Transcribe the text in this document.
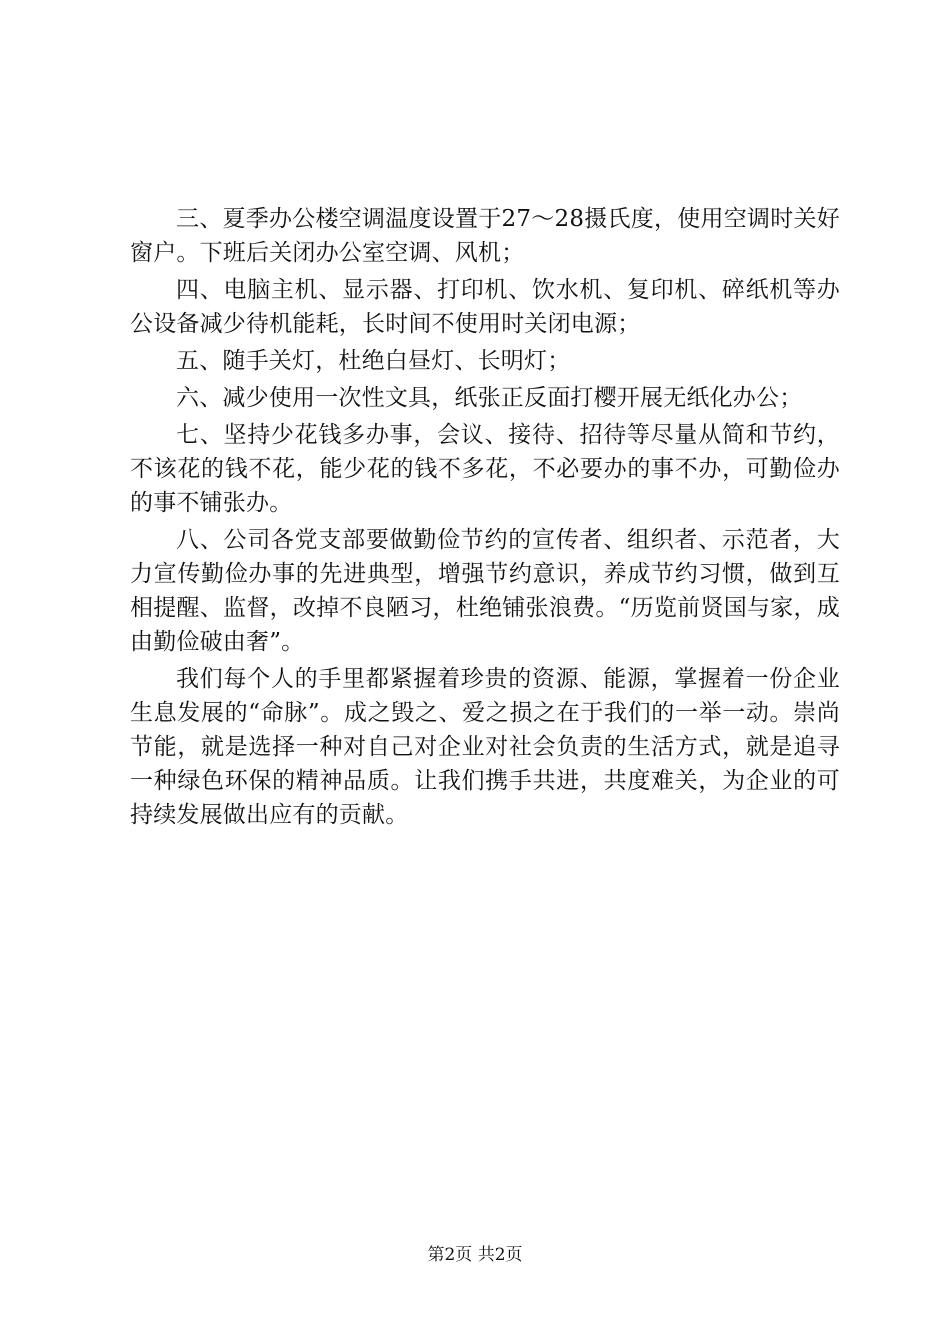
三、夏季办公楼空调温度设置于27～28摄氏度，使用空调时关好窗户。下班后关闭办公室空调、风机；

四、电脑主机、显示器、打印机、饮水机、复印机、碎纸机等办公设备减少待机能耗，长时间不使用时关闭电源；

五、随手关灯，杜绝白昼灯、长明灯；

六、减少使用一次性文具，纸张正反面打樱开展无纸化办公；

七、坚持少花钱多办事，会议、接待、招待等尽量从简和节约，不该花的钱不花，能少花的钱不多花，不必要办的事不办，可勤俭办的事不铺张办。

八、公司各党支部要做勤俭节约的宣传者、组织者、示范者，大力宣传勤俭办事的先进典型，增强节约意识，养成节约习惯，做到互相提醒、监督，改掉不良陋习，杜绝铺张浪费。“历览前贤国与家，成由勤俭破由奢”。

我们每个人的手里都紧握着珍贵的资源、能源，掌握着一份企业生息发展的“命脉”。成之毁之、爱之损之在于我们的一举一动。崇尚节能，就是选择一种对自己对企业对社会负责的生活方式，就是追寻一种绿色环保的精神品质。让我们携手共进，共度难关，为企业的可持续发展做出应有的贡献。

第2页 共2页
